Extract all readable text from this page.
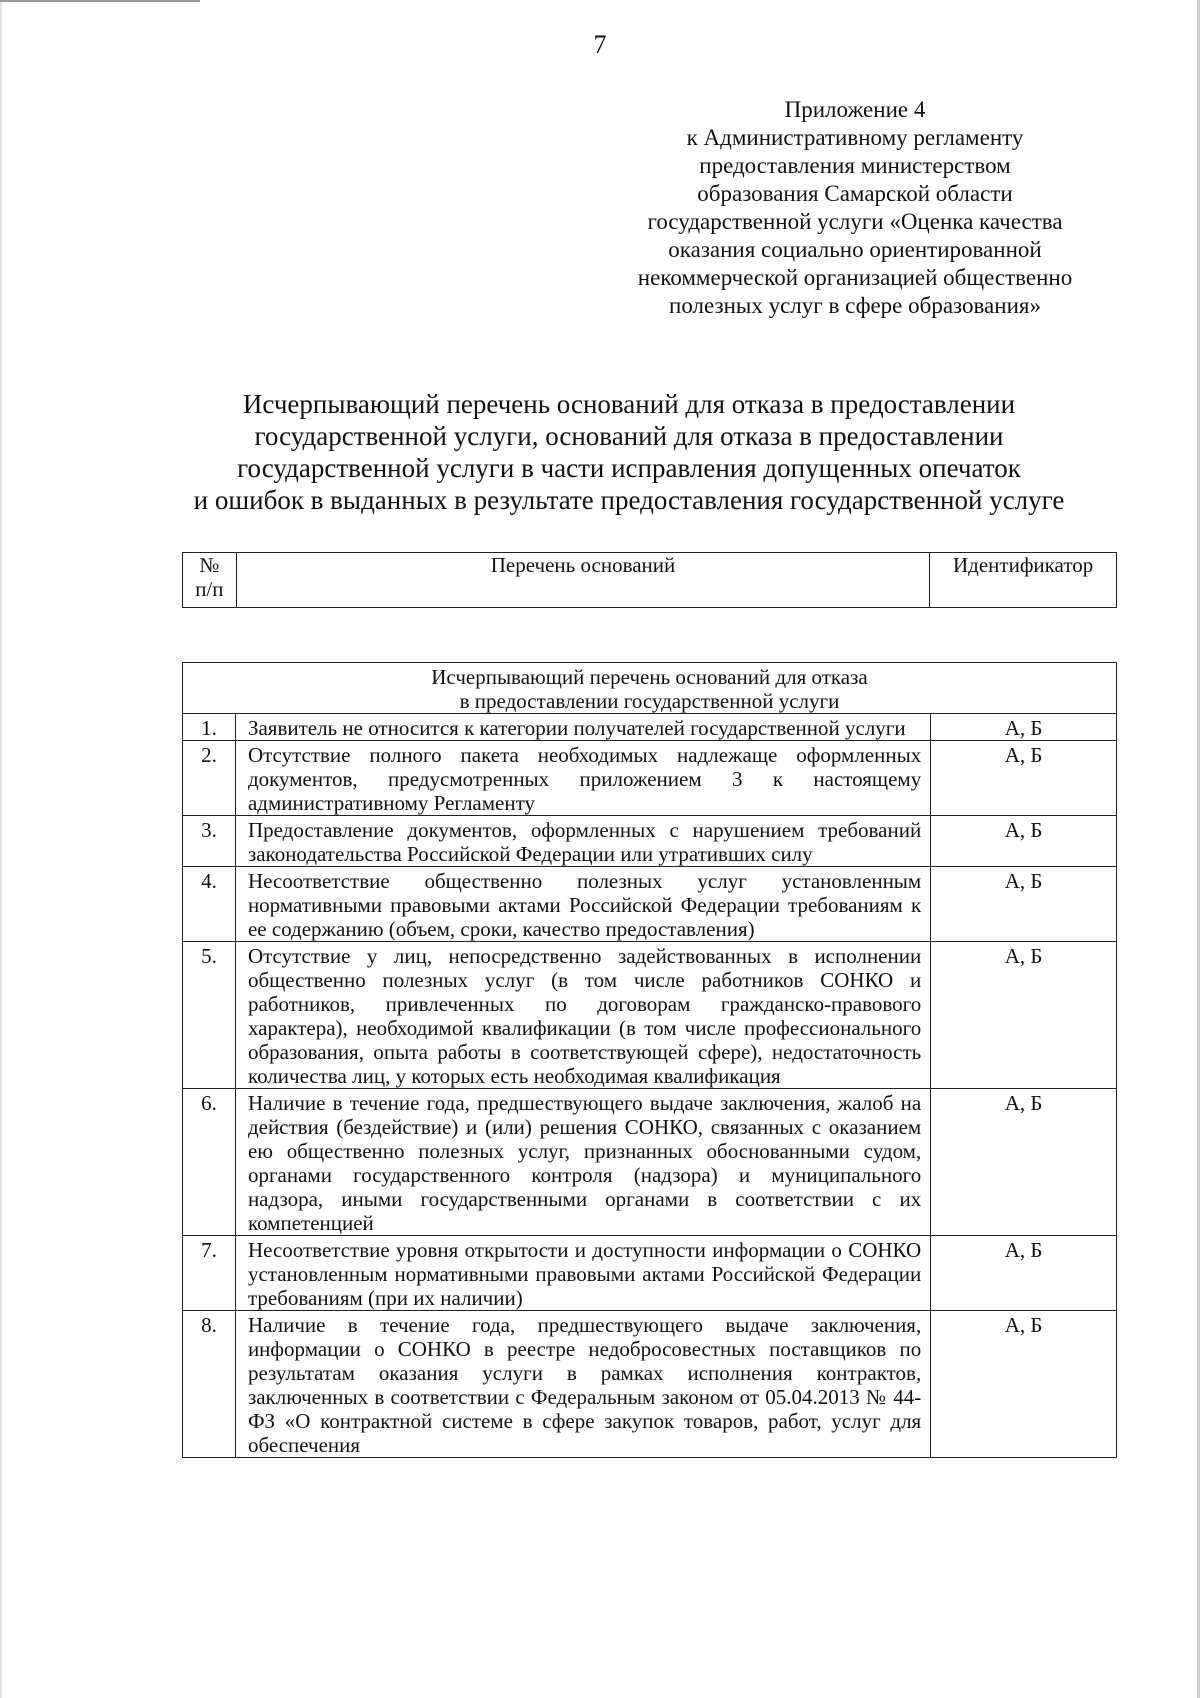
7
Приложение 4
к Административному регламенту
предоставления министерством
образования Самарской области
государственной услуги «Оценка качества
оказания социально ориентированной
некоммерческой организацией общественно
полезных услуг в сфере образования»
Исчерпывающий перечень оснований для отказа в предоставлении
государственной услуги, оснований для отказа в предоставлении
государственной услуги в части исправления допущенных опечаток
и ошибок в выданных в результате предоставления государственной услуге
№
п/п
	Перечень оснований	Идентификатор
Исчерпывающий перечень оснований для отказа
в предоставлении государственной услуги		

1.	Заявитель не относится к категории получателей государственной услуги	А, Б
2.	Отсутствие полного пакета необходимых надлежаще оформленных документов, предусмотренных приложением 3 к настоящему административному Регламенту	А, Б
3.	Предоставление документов, оформленных с нарушением требований законодательства Российской Федерации или утративших силу	А, Б
4.	Несоответствие общественно полезных услуг установленным нормативными правовыми актами Российской Федерации требованиям к ее содержанию (объем, сроки, качество предоставления)	А, Б
5.	Отсутствие у лиц, непосредственно задействованных в исполнении общественно полезных услуг (в том числе работников СОНКО и работников, привлеченных по договорам гражданско-правового характера), необходимой квалификации (в том числе профессионального образования, опыта работы в соответствующей сфере), недостаточность количества лиц, у которых есть необходимая квалификация	А, Б
6.	Наличие в течение года, предшествующего выдаче заключения, жалоб на действия (бездействие) и (или) решения СОНКО, связанных с оказанием ею общественно полезных услуг, признанных обоснованными судом, органами государственного контроля (надзора) и муниципального надзора, иными государственными органами в соответствии с их компетенцией	А, Б
7.	Несоответствие уровня открытости и доступности информации о СОНКО установленным нормативными правовыми актами Российской Федерации требованиям (при их наличии)	А, Б
8.	Наличие в течение года, предшествующего выдаче заключения, информации о СОНКО в реестре недобросовестных поставщиков по результатам оказания услуги в рамках исполнения контрактов, заключенных в соответствии с Федеральным законом от 05.04.2013 № 44-ФЗ «О контрактной системе в сфере закупок товаров, работ, услуг для обеспечения	А, Б
